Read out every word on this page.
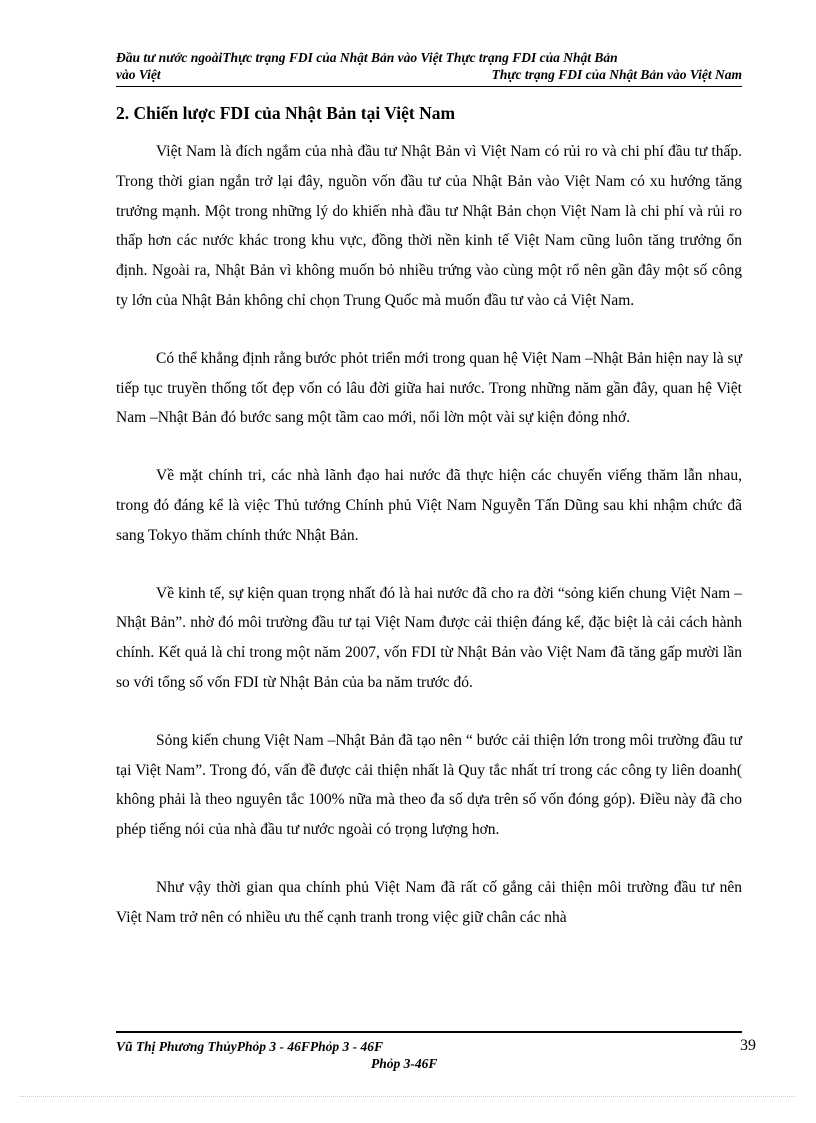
Đầu tư nước ngoàiThực trạng FDI của Nhật Bản vào Việt Thực trạng FDI của Nhật Bản
vào Việt	Thực trạng FDI của Nhật Bản vào Việt Nam
2. Chiến lược FDI của Nhật Bản tại Việt Nam

Việt Nam là đích ngắm của nhà đầu tư Nhật Bản vì Việt Nam có rủi ro và chi phí đầu tư thấp. Trong thời gian ngắn trở lại đây, nguồn vốn đầu tư của Nhật Bản vào Việt Nam có xu hướng tăng trưởng mạnh. Một trong những lý do khiến nhà đầu tư Nhật Bản chọn Việt Nam là chi phí và rủi ro thấp hơn các nước khác trong khu vực, đồng thời nền kinh tế Việt Nam cũng luôn tăng trưởng ổn định. Ngoài ra, Nhật Bản vì không muốn bỏ nhiều trứng vào cùng một rổ nên gần đây một số công ty lớn của Nhật Bản không chỉ chọn Trung Quốc mà muốn đầu tư vào cả Việt Nam.

Có thể khẳng định rằng bước phỏt triển mới trong quan hệ Việt Nam –Nhật Bản hiện nay là sự tiếp tục truyền thống tốt đẹp vốn có lâu đời giữa hai nước. Trong những năm gần đây, quan hệ Việt Nam –Nhật Bản đó bước sang một tầm cao mới, nổi lờn một vài sự kiện đỏng nhớ.

Về mặt chính tri, các nhà lãnh đạo hai nước đã thực hiện các chuyến viếng thăm lẫn nhau, trong đó đáng kể là việc Thủ tướng Chính phủ Việt Nam Nguyễn Tấn Dũng sau khi nhậm chức đã sang Tokyo thăm chính thức Nhật Bản.

Về kinh tế, sự kiện quan trọng nhất đó là hai nước đã cho ra đời “sỏng kiến chung Việt Nam –Nhật Bản”. nhờ đó môi trường đầu tư tại Việt Nam được cải thiện đáng kể, đặc biệt là cải cách hành chính. Kết quả là chỉ trong một năm 2007, vốn FDI từ Nhật Bản vào Việt Nam đã tăng gấp mười lần so với tổng số vốn FDI từ Nhật Bản của ba năm trước đó.

Sỏng kiến chung Việt Nam –Nhật Bản đã tạo nên “ bước cải thiện lớn trong môi trường đầu tư tại Việt Nam”. Trong đó, vấn đề được cải thiện nhất là Quy tắc nhất trí trong các công ty liên doanh( không phải là theo nguyên tắc 100% nữa mà theo đa số dựa trên số vốn đóng góp). Điều này đã cho phép tiếng nói của nhà đầu tư nước ngoài có trọng lượng hơn.

Như vậy thời gian qua chính phủ Việt Nam đã rất cố gắng cải thiện môi trường đầu tư nên Việt Nam trở nên có nhiều ưu thế cạnh tranh trong việc giữ chân các nhà

Vũ Thị Phương ThủyPhỏp 3 - 46FPhỏp 3 - 46F
Phỏp 3-46F
39
